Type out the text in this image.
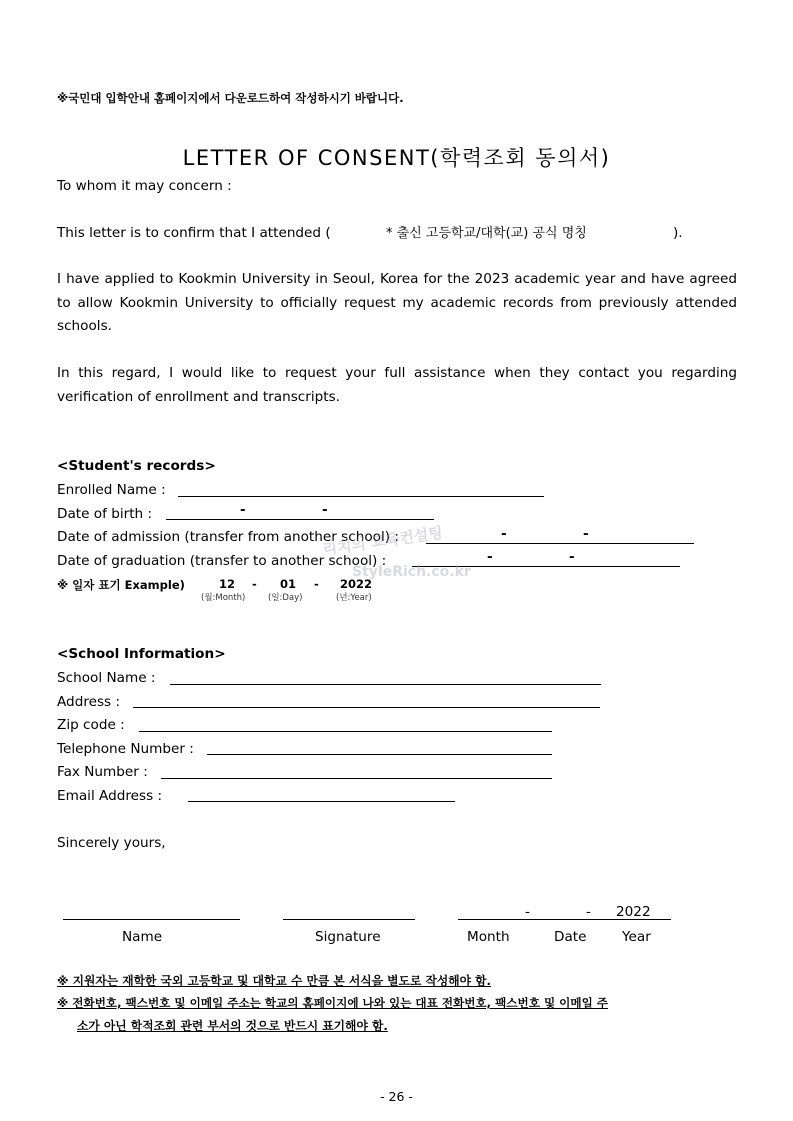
※국민대 입학안내 홈페이지에서 다운로드하여 작성하시기 바랍니다.
LETTER OF CONSENT(학력조회 동의서)
To whom it may concern :
This letter is to confirm that I attended (	* 출신 고등학교/대학(교) 공식 명칭	).
I have applied to Kookmin University in Seoul, Korea for the 2023 academic year and have agreed to allow Kookmin University to officially request my academic records from previously attended schools.
In this regard, I would like to request your full assistance when they contact you regarding verification of enrollment and transcripts.
<Student's records>
Enrolled Name :
Date of birth :	-	-
Date of admission (transfer from another school) :	-	-
Date of graduation (transfer to another school) :	-	-
※ 일자 표기 Example)	12 - 01 - 2022
(월:Month)	(일:Day)	(년:Year)
리치의 교육컨설팅
StyleRich.co.kr
<School Information>
School Name :
Address :
Zip code :
Telephone Number :
Fax Number :
Email Address :
Sincerely yours,
-	- 2022
Name	Signature	Month	Date	Year
※ 지원자는 재학한 국외 고등학교 및 대학교 수 만큼 본 서식을 별도로 작성해야 함.
※ 전화번호, 팩스번호 및 이메일 주소는 학교의 홈페이지에 나와 있는 대표 전화번호, 팩스번호 및 이메일 주
소가 아닌 학적조회 관련 부서의 것으로 반드시 표기해야 함.
- 26 -
